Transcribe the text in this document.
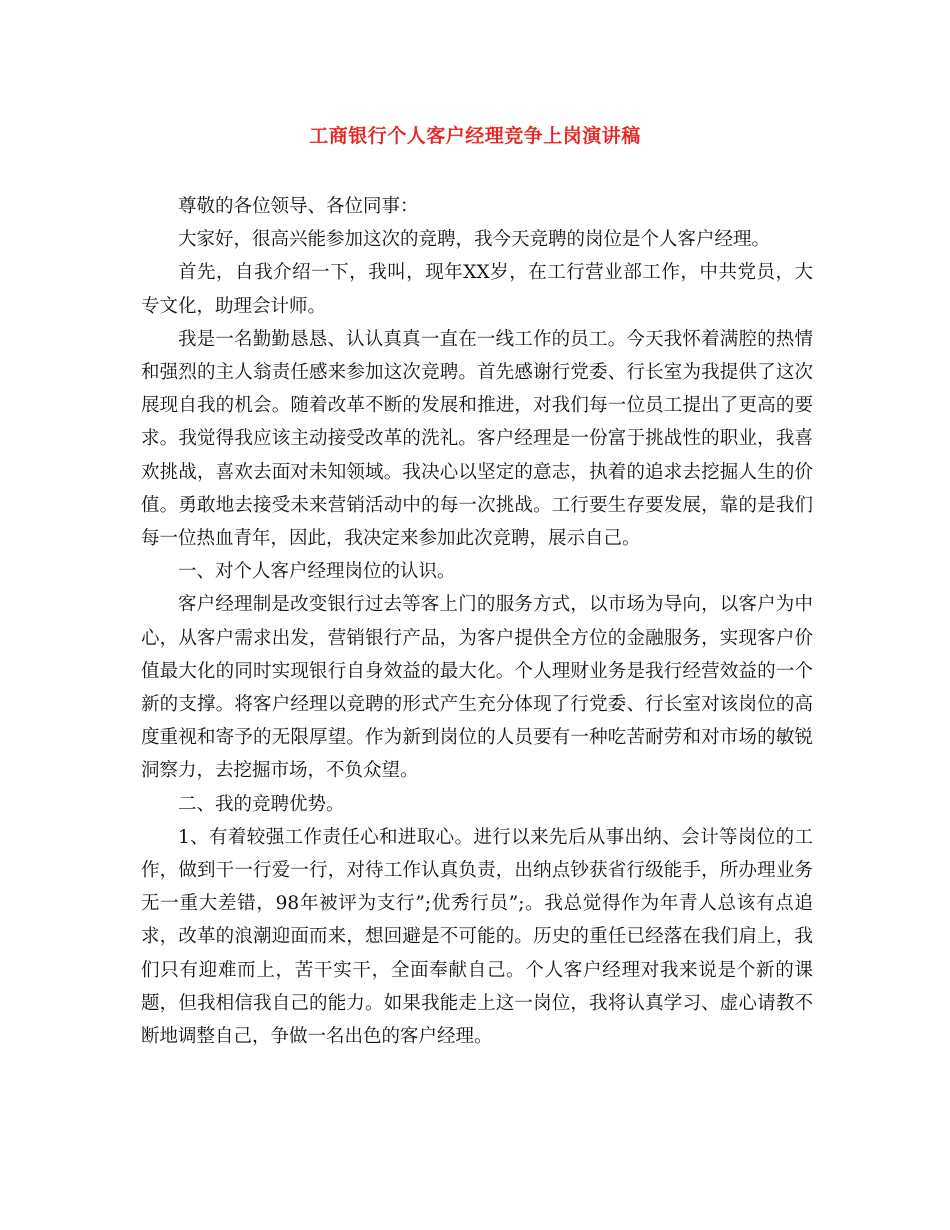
工商银行个人客户经理竞争上岗演讲稿

尊敬的各位领导、各位同事：

大家好，很高兴能参加这次的竞聘，我今天竞聘的岗位是个人客户经理。

首先，自我介绍一下，我叫，现年XX岁，在工行营业部工作，中共党员，大专文化，助理会计师。

我是一名勤勤恳恳、认认真真一直在一线工作的员工。今天我怀着满腔的热情和强烈的主人翁责任感来参加这次竞聘。首先感谢行党委、行长室为我提供了这次展现自我的机会。随着改革不断的发展和推进，对我们每一位员工提出了更高的要求。我觉得我应该主动接受改革的洗礼。客户经理是一份富于挑战性的职业，我喜欢挑战，喜欢去面对未知领域。我决心以坚定的意志，执着的追求去挖掘人生的价值。勇敢地去接受未来营销活动中的每一次挑战。工行要生存要发展，靠的是我们每一位热血青年，因此，我决定来参加此次竞聘，展示自己。

一、对个人客户经理岗位的认识。

客户经理制是改变银行过去等客上门的服务方式，以市场为导向，以客户为中心，从客户需求出发，营销银行产品，为客户提供全方位的金融服务，实现客户价值最大化的同时实现银行自身效益的最大化。个人理财业务是我行经营效益的一个新的支撑。将客户经理以竞聘的形式产生充分体现了行党委、行长室对该岗位的高度重视和寄予的无限厚望。作为新到岗位的人员要有一种吃苦耐劳和对市场的敏锐洞察力，去挖掘市场，不负众望。

二、我的竞聘优势。

1、有着较强工作责任心和进取心。进行以来先后从事出纳、会计等岗位的工作，做到干一行爱一行，对待工作认真负责，出纳点钞获省行级能手，所办理业务无一重大差错，98年被评为支行”;优秀行员”;。我总觉得作为年青人总该有点追求，改革的浪潮迎面而来，想回避是不可能的。历史的重任已经落在我们肩上，我们只有迎难而上，苦干实干，全面奉献自己。个人客户经理对我来说是个新的课题，但我相信我自己的能力。如果我能走上这一岗位，我将认真学习、虚心请教不断地调整自己，争做一名出色的客户经理。
